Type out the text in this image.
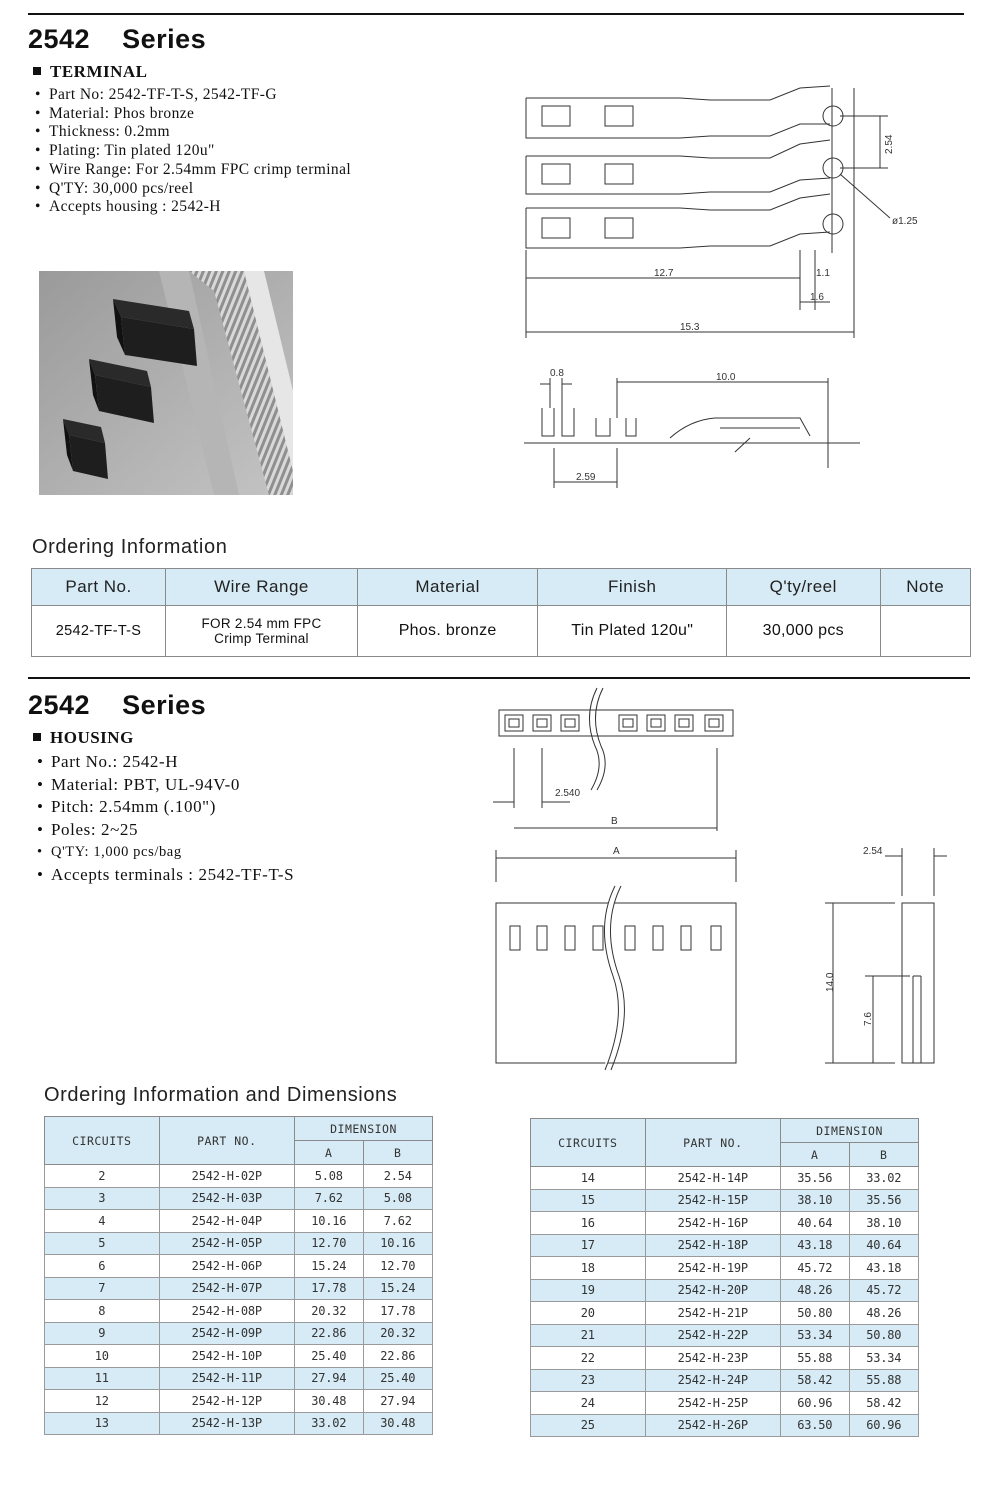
2542 Series
TERMINAL
• Part No: 2542-TF-T-S, 2542-TF-G
• Material: Phos bronze
• Thickness: 0.2mm
• Plating: Tin plated 120u"
• Wire Range: For 2.54mm FPC crimp terminal
• Q'TY: 30,000 pcs/reel
• Accepts housing : 2542-H
2.54
ø1.25
12.7	1.1
1.6
15.3
0.8	10.0
2.59
Ordering Information
Part No.	Wire Range	Material	Finish	Q'ty/reel	Note
2542-TF-T-S	FOR 2.54 mm FPC
Crimp Terminal	Phos. bronze	Tin Plated 120u"	30,000 pcs	
2542 Series
HOUSING
• Part No.: 2542-H
• Material: PBT, UL-94V-0
• Pitch: 2.54mm (.100")
• Poles: 2~25
• Q'TY: 1,000 pcs/bag
• Accepts terminals : 2542-TF-T-S
2.540
B
A	2.54
14.0
7.6
Ordering Information and Dimensions
CIRCUITS	PART NO.	DIMENSION	
		A	B
2	2542-H-02P	5.08	2.54
3	2542-H-03P	7.62	5.08
4	2542-H-04P	10.16	7.62
5	2542-H-05P	12.70	10.16
6	2542-H-06P	15.24	12.70
7	2542-H-07P	17.78	15.24
8	2542-H-08P	20.32	17.78
9	2542-H-09P	22.86	20.32
10	2542-H-10P	25.40	22.86
11	2542-H-11P	27.94	25.40
12	2542-H-12P	30.48	27.94
13	2542-H-13P	33.02	30.48
CIRCUITS	PART NO.	DIMENSION	
		A	B
14	2542-H-14P	35.56	33.02
15	2542-H-15P	38.10	35.56
16	2542-H-16P	40.64	38.10
17	2542-H-18P	43.18	40.64
18	2542-H-19P	45.72	43.18
19	2542-H-20P	48.26	45.72
20	2542-H-21P	50.80	48.26
21	2542-H-22P	53.34	50.80
22	2542-H-23P	55.88	53.34
23	2542-H-24P	58.42	55.88
24	2542-H-25P	60.96	58.42
25	2542-H-26P	63.50	60.96
